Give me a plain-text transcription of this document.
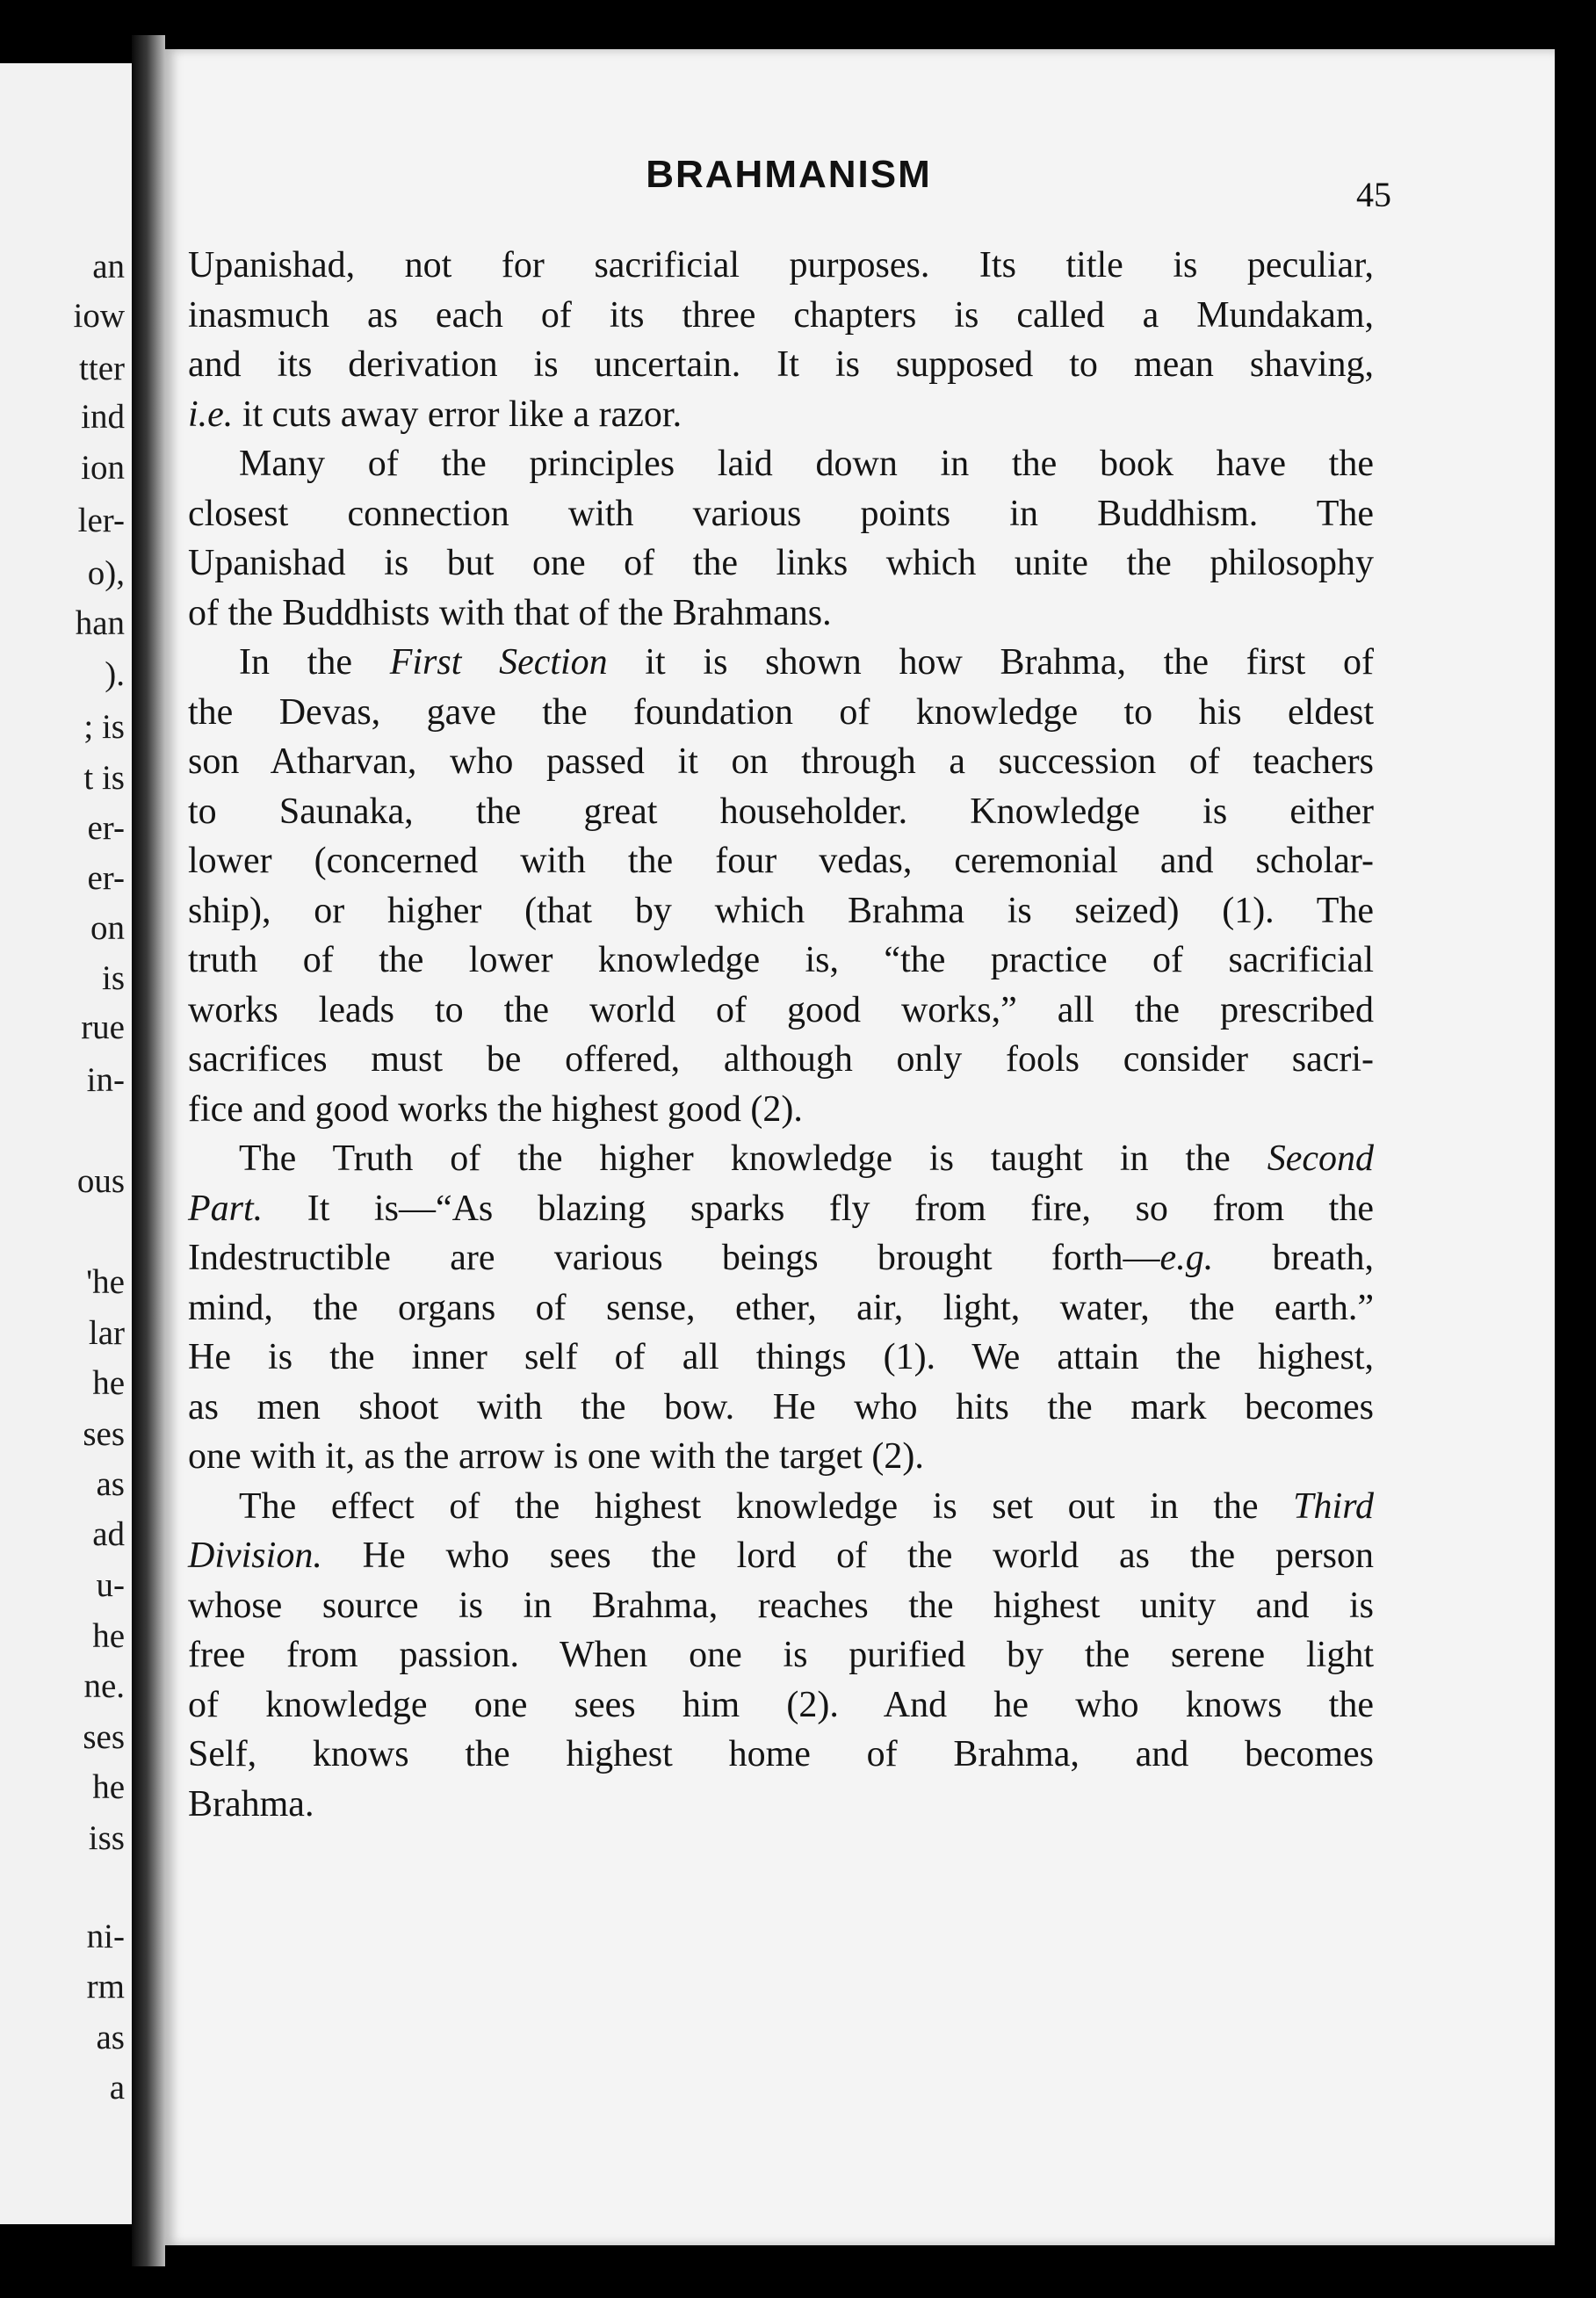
an
iow
tter
ind
ion
ler-
o),
han
).
; is
t is
er-
er-
on
is
rue
in-
ous
'he
lar
he
ses
as
ad
u-
he
ne.
ses
he
iss
ni-
rm
as
a
BRAHMANISM	45
Upanishad, not for sacrificial purposes. Its title is peculiar,
inasmuch as each of its three chapters is called a Mundakam,
and its derivation is uncertain. It is supposed to mean shaving,
i.e. it cuts away error like a razor.
Many of the principles laid down in the book have the
closest connection with various points in Buddhism. The
Upanishad is but one of the links which unite the philosophy
of the Buddhists with that of the Brahmans.
In the First Section it is shown how Brahma, the first of
the Devas, gave the foundation of knowledge to his eldest
son Atharvan, who passed it on through a succession of teachers
to Saunaka, the great householder. Knowledge is either
lower (concerned with the four vedas, ceremonial and scholar-
ship), or higher (that by which Brahma is seized) (1). The
truth of the lower knowledge is, “the practice of sacrificial
works leads to the world of good works,” all the prescribed
sacrifices must be offered, although only fools consider sacri-
fice and good works the highest good (2).
The Truth of the higher knowledge is taught in the Second
Part. It is—“As blazing sparks fly from fire, so from the
Indestructible are various beings brought forth—e.g. breath,
mind, the organs of sense, ether, air, light, water, the earth.”
He is the inner self of all things (1). We attain the highest,
as men shoot with the bow. He who hits the mark becomes
one with it, as the arrow is one with the target (2).
The effect of the highest knowledge is set out in the Third
Division. He who sees the lord of the world as the person
whose source is in Brahma, reaches the highest unity and is
free from passion. When one is purified by the serene light
of knowledge one sees him (2). And he who knows the
Self, knows the highest home of Brahma, and becomes
Brahma.
